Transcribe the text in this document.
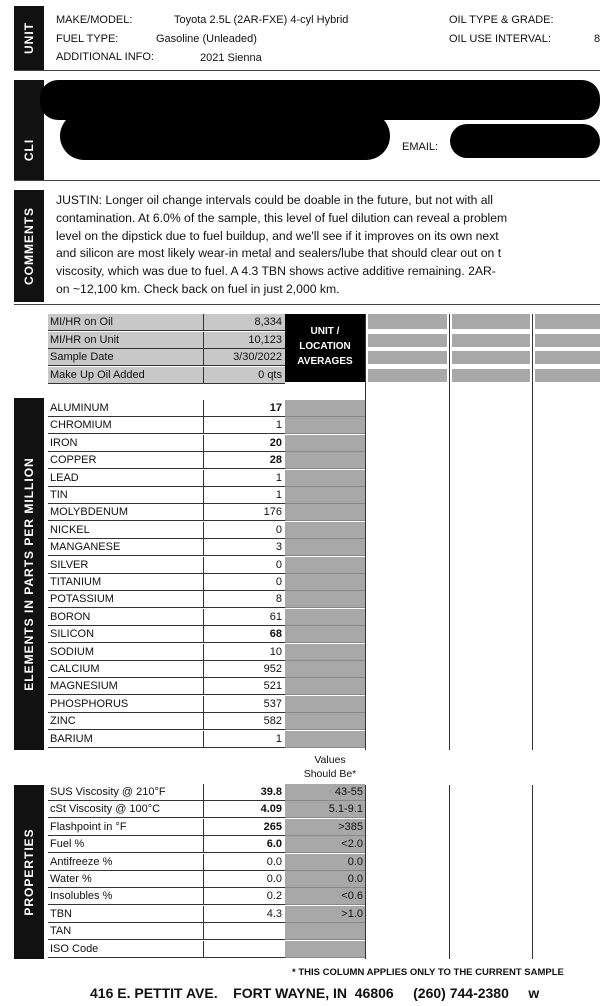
UNIT
MAKE/MODEL:	Toyota 2.5L (2AR-FXE) 4-cyl Hybrid
FUEL TYPE:	Gasoline (Unleaded)
ADDITIONAL INFO:	2021 Sienna
OIL TYPE & GRADE:
OIL USE INTERVAL:	8
CLI	EMAIL:
COMMENTS
JUSTIN: Longer oil change intervals could be doable in the future, but not with all
contamination. At 6.0% of the sample, this level of fuel dilution can reveal a problem
level on the dipstick due to fuel buildup, and we'll see if it improves on its own next
and silicon are most likely wear-in metal and sealers/lube that should clear out on t
viscosity, which was due to fuel. A 4.3 TBN shows active additive remaining. 2AR-
on ~12,100 km. Check back on fuel in just 2,000 km.
MI/HR on Oil	8,334
MI/HR on Unit	10,123
Sample Date	3/30/2022
Make Up Oil Added	0 qts
UNIT /
LOCATION
AVERAGES
ELEMENTS IN PARTS PER MILLION
ALUMINUM	17
CHROMIUM	1
IRON	20
COPPER	28
LEAD	1
TIN	1
MOLYBDENUM	176
NICKEL	0
MANGANESE	3
SILVER	0
TITANIUM	0
POTASSIUM	8
BORON	61
SILICON	68
SODIUM	10
CALCIUM	952
MAGNESIUM	521
PHOSPHORUS	537
ZINC	582
BARIUM	1
Values
Should Be*
PROPERTIES
SUS Viscosity @ 210°F	39.8	43-55
cSt Viscosity @ 100°C	4.09	5.1-9.1
Flashpoint in °F	265	>385
Fuel %	6.0	<2.0
Antifreeze %	0.0	0.0
Water %	0.0	0.0
Insolubles %	0.2	<0.6
TBN	4.3	>1.0
TAN
ISO Code
* THIS COLUMN APPLIES ONLY TO THE CURRENT SAMPLE
416 E. PETTIT AVE.    FORT WAYNE, IN  46806     (260) 744-2380     w
